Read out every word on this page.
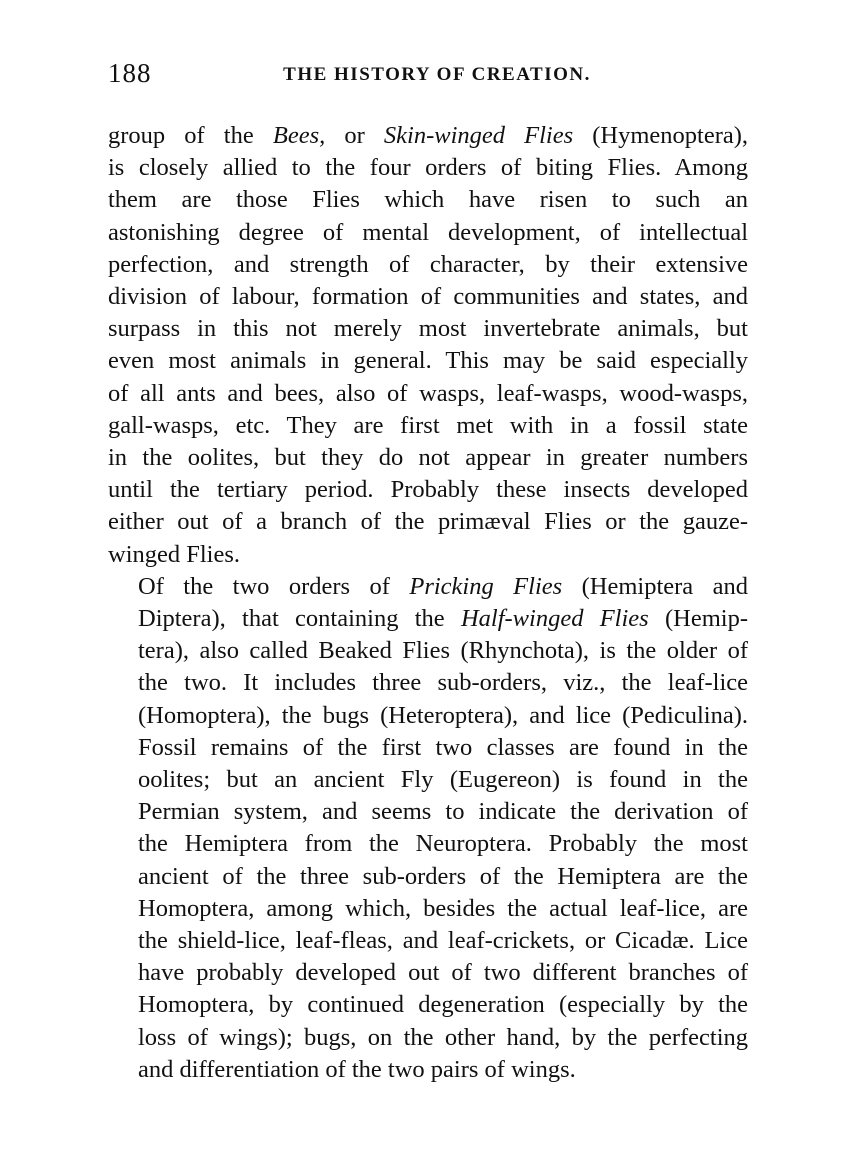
188	THE HISTORY OF CREATION.
group of the Bees, or Skin-winged Flies (Hymenoptera),
is closely allied to the four orders of biting Flies. Among
them are those Flies which have risen to such an
astonishing degree of mental development, of intellectual
perfection, and strength of character, by their extensive
division of labour, formation of communities and states, and
surpass in this not merely most invertebrate animals, but
even most animals in general. This may be said especially
of all ants and bees, also of wasps, leaf-wasps, wood-wasps,
gall-wasps, etc. They are first met with in a fossil state
in the oolites, but they do not appear in greater numbers
until the tertiary period. Probably these insects developed
either out of a branch of the primæval Flies or the gauze-
winged Flies.
Of the two orders of Pricking Flies (Hemiptera and
Diptera), that containing the Half-winged Flies (Hemip-
tera), also called Beaked Flies (Rhynchota), is the older of
the two. It includes three sub-orders, viz., the leaf-lice
(Homoptera), the bugs (Heteroptera), and lice (Pediculina).
Fossil remains of the first two classes are found in the
oolites; but an ancient Fly (Eugereon) is found in the
Permian system, and seems to indicate the derivation of
the Hemiptera from the Neuroptera. Probably the most
ancient of the three sub-orders of the Hemiptera are the
Homoptera, among which, besides the actual leaf-lice, are
the shield-lice, leaf-fleas, and leaf-crickets, or Cicadæ. Lice
have probably developed out of two different branches of
Homoptera, by continued degeneration (especially by the
loss of wings); bugs, on the other hand, by the perfecting
and differentiation of the two pairs of wings.
